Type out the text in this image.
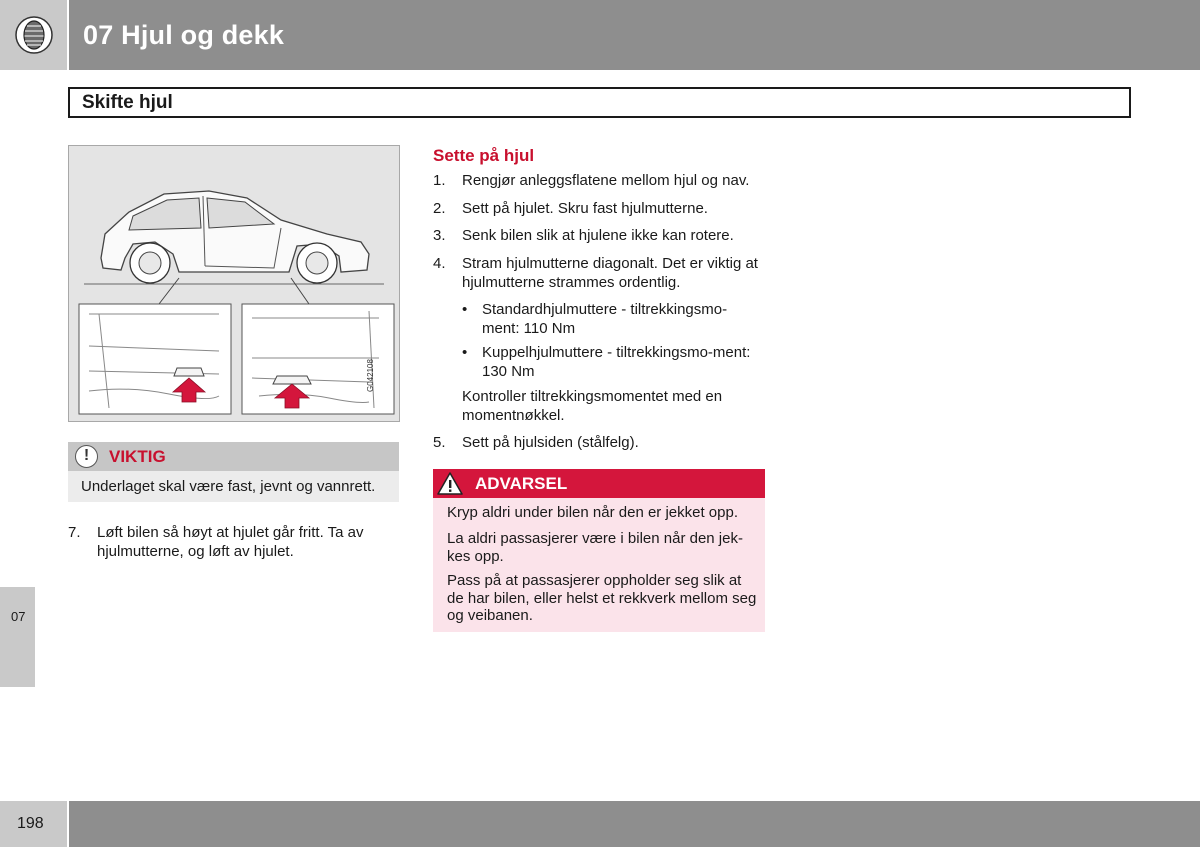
07 Hjul og dekk
Skifte hjul
G042108
!	VIKTIG
Underlaget skal være fast, jevnt og vannrett.
7. Løft bilen så høyt at hjulet går fritt. Ta av hjulmutterne, og løft av hjulet.
Sette på hjul
1. Rengjør anleggsflatene mellom hjul og nav.
2. Sett på hjulet. Skru fast hjulmutterne.
3. Senk bilen slik at hjulene ikke kan rotere.
4. Stram hjulmutterne diagonalt. Det er viktig at hjulmutterne strammes ordentlig.
• Standardhjulmuttere - tiltrekkingsmo-ment: 110 Nm
• Kuppelhjulmuttere - tiltrekkingsmo-ment: 130 Nm
Kontroller tiltrekkingsmomentet med en momentnøkkel.
5. Sett på hjulsiden (stålfelg).
ADVARSEL
Kryp aldri under bilen når den er jekket opp.
La aldri passasjerer være i bilen når den jek-kes opp.
Pass på at passasjerer oppholder seg slik at de har bilen, eller helst et rekkverk mellom seg og veibanen.
07
198
